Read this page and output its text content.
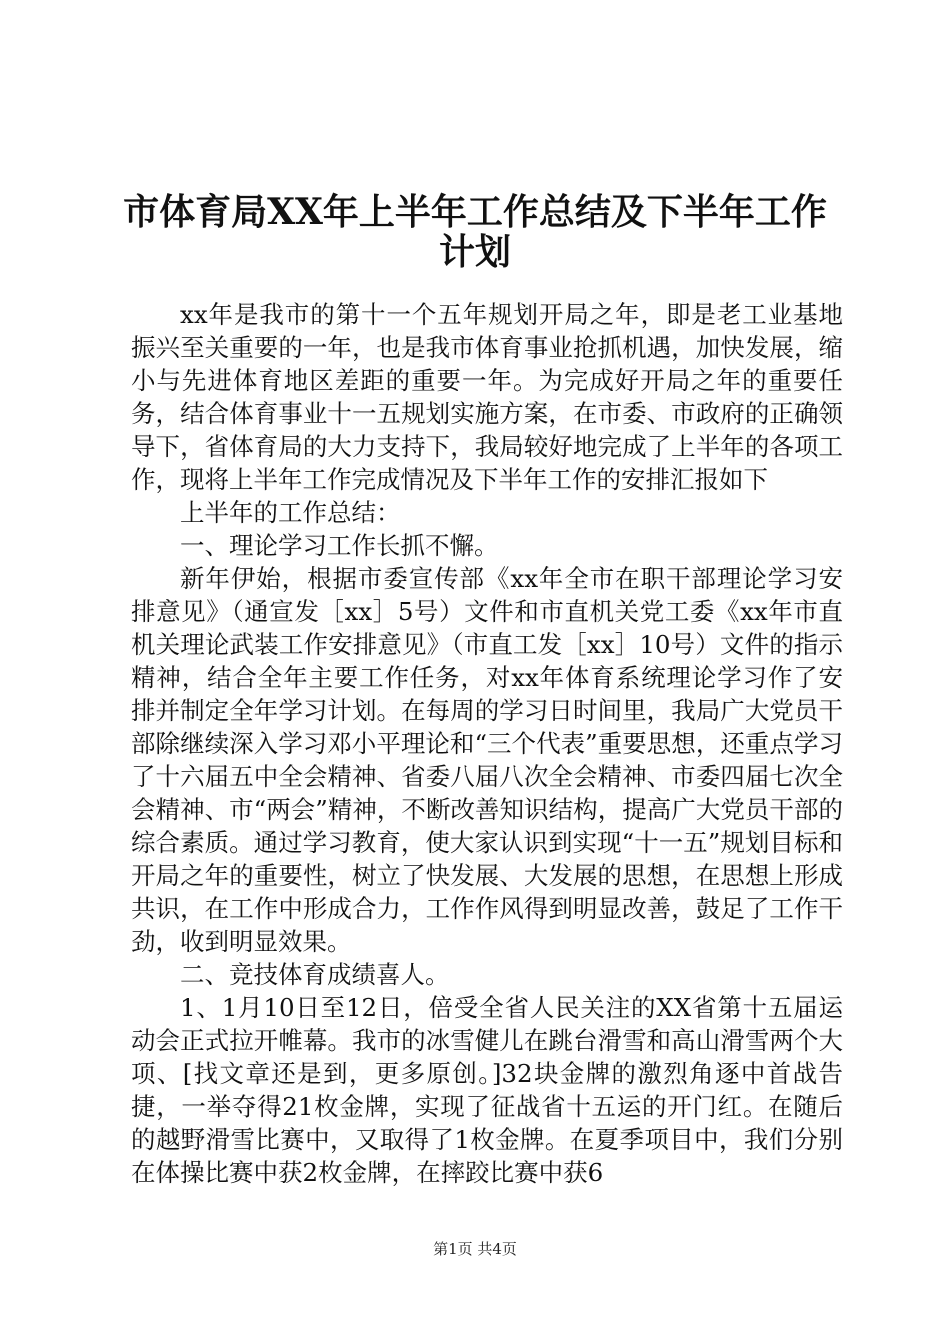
市体育局XX年上半年工作总结及下半年工作
计划

xx年是我市的第十一个五年规划开局之年，即是老工业基地振兴至关重要的一年，也是我市体育事业抢抓机遇，加快发展，缩小与先进体育地区差距的重要一年。为完成好开局之年的重要任务，结合体育事业十一五规划实施方案，在市委、市政府的正确领导下，省体育局的大力支持下，我局较好地完成了上半年的各项工作，现将上半年工作完成情况及下半年工作的安排汇报如下

上半年的工作总结：

一、理论学习工作长抓不懈。

新年伊始，根据市委宣传部《xx年全市在职干部理论学习安排意见》（通宣发［xx］5号）文件和市直机关党工委《xx年市直机关理论武装工作安排意见》（市直工发［xx］10号）文件的指示精神，结合全年主要工作任务，对xx年体育系统理论学习作了安排并制定全年学习计划。在每周的学习日时间里，我局广大党员干部除继续深入学习邓小平理论和“三个代表”重要思想，还重点学习了十六届五中全会精神、省委八届八次全会精神、市委四届七次全会精神、市“两会”精神，不断改善知识结构，提高广大党员干部的综合素质。通过学习教育，使大家认识到实现“十一五”规划目标和开局之年的重要性，树立了快发展、大发展的思想，在思想上形成共识，在工作中形成合力，工作作风得到明显改善，鼓足了工作干劲，收到明显效果。

二、竞技体育成绩喜人。

1、1月10日至12日，倍受全省人民关注的XX省第十五届运动会正式拉开帷幕。我市的冰雪健儿在跳台滑雪和高山滑雪两个大项、[找文章还是到，更多原创。]32块金牌的激烈角逐中首战告捷，一举夺得21枚金牌，实现了征战省十五运的开门红。在随后的越野滑雪比赛中，又取得了1枚金牌。在夏季项目中，我们分别在体操比赛中获2枚金牌，在摔跤比赛中获6

第1页 共4页
